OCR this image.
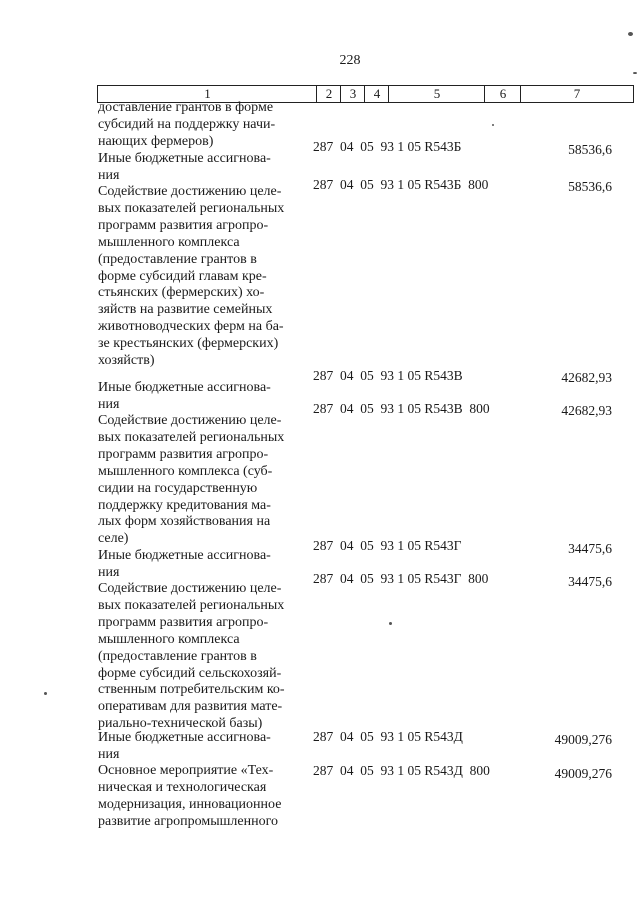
228
1	2	3	4	5	6	7
доставление грантов в форме
субсидий на поддержку начи-
нающих фермеров)
Иные бюджетные ассигнова-
ния
287  04  05  93 1 05 R543Б	58536,6
Содействие достижению целе-
вых показателей региональных
программ развития агропро-
мышленного комплекса
(предоставление грантов в
форме субсидий главам кре-
стьянских (фермерских) хо-
зяйств на развитие семейных
животноводческих ферм на ба-
зе крестьянских (фермерских)
хозяйств)
287  04  05  93 1 05 R543Б  800	58536,6
Иные бюджетные ассигнова-
ния
287  04  05  93 1 05 R543В	42682,93
Содействие достижению целе-
вых показателей региональных
программ развития агропро-
мышленного комплекса (суб-
сидии на государственную
поддержку кредитования ма-
лых форм хозяйствования на
селе)
287  04  05  93 1 05 R543В  800	42682,93
Иные бюджетные ассигнова-
ния
287  04  05  93 1 05 R543Г	34475,6
Содействие достижению целе-
вых показателей региональных
программ развития агропро-
мышленного комплекса
(предоставление грантов в
форме субсидий сельскохозяй-
ственным потребительским ко-
оперативам для развития мате-
риально-технической базы)
287  04  05  93 1 05 R543Г  800	34475,6
Иные бюджетные ассигнова-
ния
287  04  05  93 1 05 R543Д	49009,276
Основное мероприятие «Тех-
ническая и технологическая
модернизация, инновационное
развитие агропромышленного
287  04  05  93 1 05 R543Д  800	49009,276
